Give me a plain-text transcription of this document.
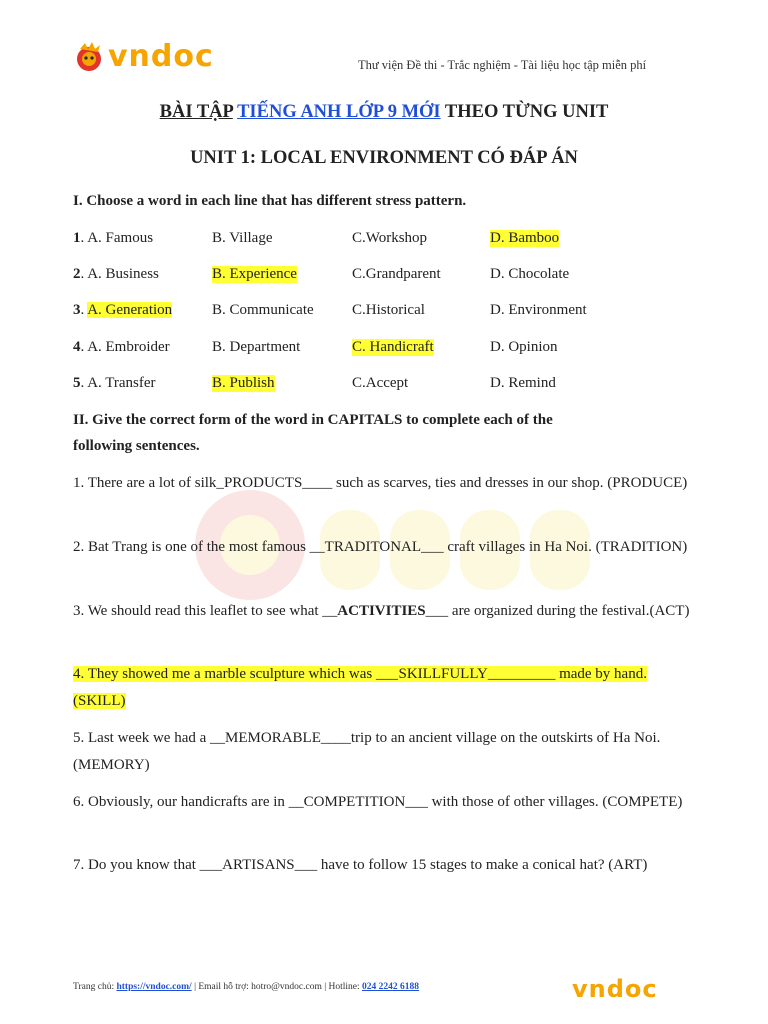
vndoc	Thư viện Đề thi - Trắc nghiệm - Tài liệu học tập miễn phí
BÀI TẬP TIẾNG ANH LỚP 9 MỚI THEO TỪNG UNIT
UNIT 1: LOCAL ENVIRONMENT CÓ ĐÁP ÁN
I. Choose a word in each line that has different stress pattern.
1. A. Famous	B. Village	C.Workshop	D. Bamboo
2. A. Business	B. Experience	C.Grandparent	D. Chocolate
3. A. Generation	B. Communicate	C.Historical	D. Environment
4. A. Embroider	B. Department	C. Handicraft	D. Opinion
5. A. Transfer	B. Publish	C.Accept	D. Remind
II. Give the correct form of the word in CAPITALS to complete each of the
following sentences.
1. There are a lot of silk_PRODUCTS____ such as scarves, ties and dresses in our shop. (PRODUCE)
2. Bat Trang is one of the most famous __TRADITONAL___ craft villages in Ha Noi. (TRADITION)
3. We should read this leaflet to see what __ACTIVITIES___ are organized during the festival.(ACT)
4. They showed me a marble sculpture which was ___SKILLFULLY_________ made by hand. (SKILL)
5. Last week we had a __MEMORABLE____trip to an ancient village on the outskirts of Ha Noi. (MEMORY)
6. Obviously, our handicrafts are in __COMPETITION___ with those of other villages. (COMPETE)
7. Do you know that ___ARTISANS___ have to follow 15 stages to make a conical hat? (ART)
Trang chủ: https://vndoc.com/ | Email hỗ trợ: hotro@vndoc.com | Hotline: 024 2242 6188	vndoc
